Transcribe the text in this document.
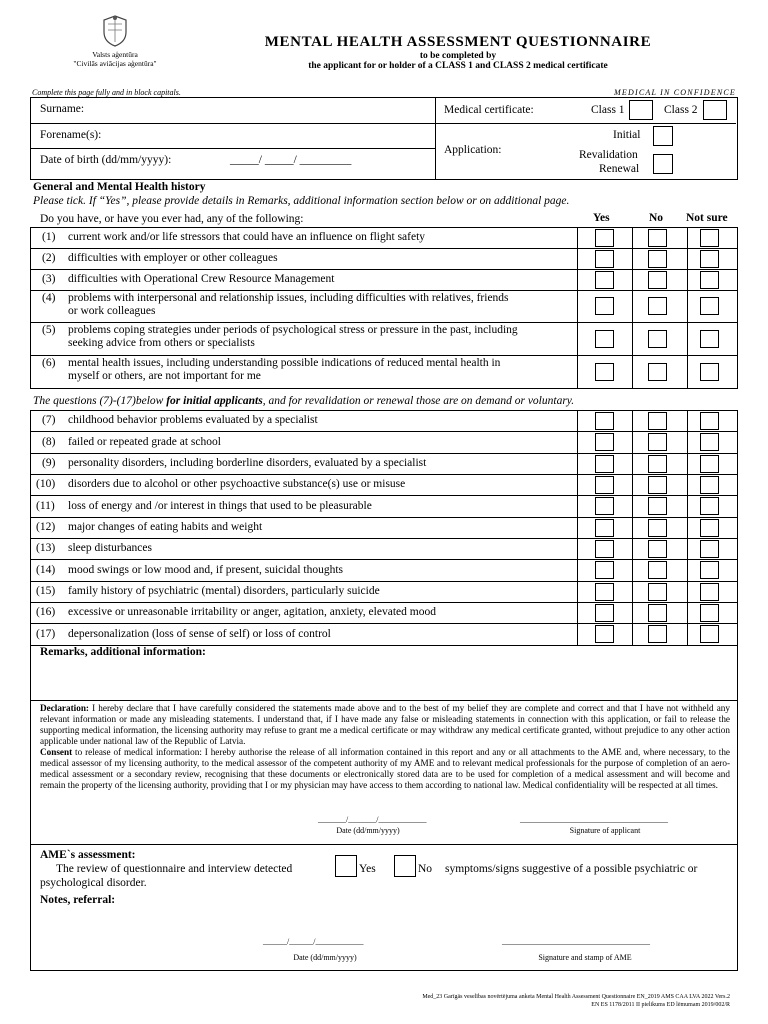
Valsts aģentūra
"Civilās aviācijas aģentūra"
MENTAL HEALTH ASSESSMENT QUESTIONNAIRE
to be completed by
the applicant for or holder of a CLASS 1 and CLASS 2 medical certificate
Complete this page fully and in block capitals.	MEDICAL IN CONFIDENCE
Surname:
Forename(s):
Date of birth (dd/mm/yyyy):	_____/ _____/ _________
Medical certificate:	Class 1	Class 2
Application:
Initial
Revalidation
Renewal
General and Mental Health history
Please tick. If “Yes”, please provide details in Remarks, additional information section below or on additional page.
Do you have, or have you ever had, any of the following:	Yes	No Not sure
(1)	current work and/or life stressors that could have an influence on flight safety
(2)	difficulties with employer or other colleagues
(3)	difficulties with Operational Crew Resource Management
(4)	problems with interpersonal and relationship issues, including difficulties with relatives, friends
or work colleagues
(5)	problems coping strategies under periods of psychological stress or pressure in the past, including
seeking advice from others or specialists
(6)	mental health issues, including understanding possible indications of reduced mental health in
myself or others, are not important for me
The questions (7)-(17)below for initial applicants, and for revalidation or renewal those are on demand or voluntary.
(7)	childhood behavior problems evaluated by a specialist
(8)	failed or repeated grade at school
(9)	personality disorders, including borderline disorders, evaluated by a specialist
(10)	disorders due to alcohol or other psychoactive substance(s) use or misuse
(11)	loss of energy and /or interest in things that used to be pleasurable
(12)	major changes of eating habits and weight
(13)	sleep disturbances
(14)	mood swings or low mood and, if present, suicidal thoughts
(15)	family history of psychiatric (mental) disorders, particularly suicide
(16)	excessive or unreasonable irritability or anger, agitation, anxiety, elevated mood
(17)	depersonalization (loss of sense of self) or loss of control
Remarks, additional information:
Declaration: I hereby declare that I have carefully considered the statements made above and to the best of my belief they are complete and correct and that I have not withheld any relevant information or made any misleading statements. I understand that, if I have made any false or misleading statements in connection with this application, or fail to release the supporting medical information, the licensing authority may refuse to grant me a medical certificate or may withdraw any medical certificate granted, without prejudice to any other action applicable under national law of the Republic of Latvia.
Consent to release of medical information: I hereby authorise the release of all information contained in this report and any or all attachments to the AME and, where necessary, to the medical assessor of my licensing authority, to the medical assessor of the competent authority of my AME and to relevant medical professionals for the purpose of completion of an aero-medical assessment or a secondary review, recognising that these documents or electronically stored data are to be used for completion of a medical assessment and will become and remain the property of the licensing authority, providing that I or my physician may have access to them according to national law. Medical confidentiality will be respected at all times.
_______/_______/____________
Date (dd/mm/yyyy)
_____________________________________
Signature of applicant
AME`s assessment:
The review of questionnaire and interview detected	Yes	No symptoms/signs suggestive of a possible psychiatric or
psychological disorder.
Notes, referral:
______/______/____________
Date (dd/mm/yyyy)
_____________________________________
Signature and stamp of AME
Med_23 Garīgās veselības novērtējuma anketa Mental Health Assessment Questionnaire EN_2019 AMS CAA LVA 2022 Vers.2
EN ES 1178/2011 II pielikums ED lēmumam 2019/002/R
